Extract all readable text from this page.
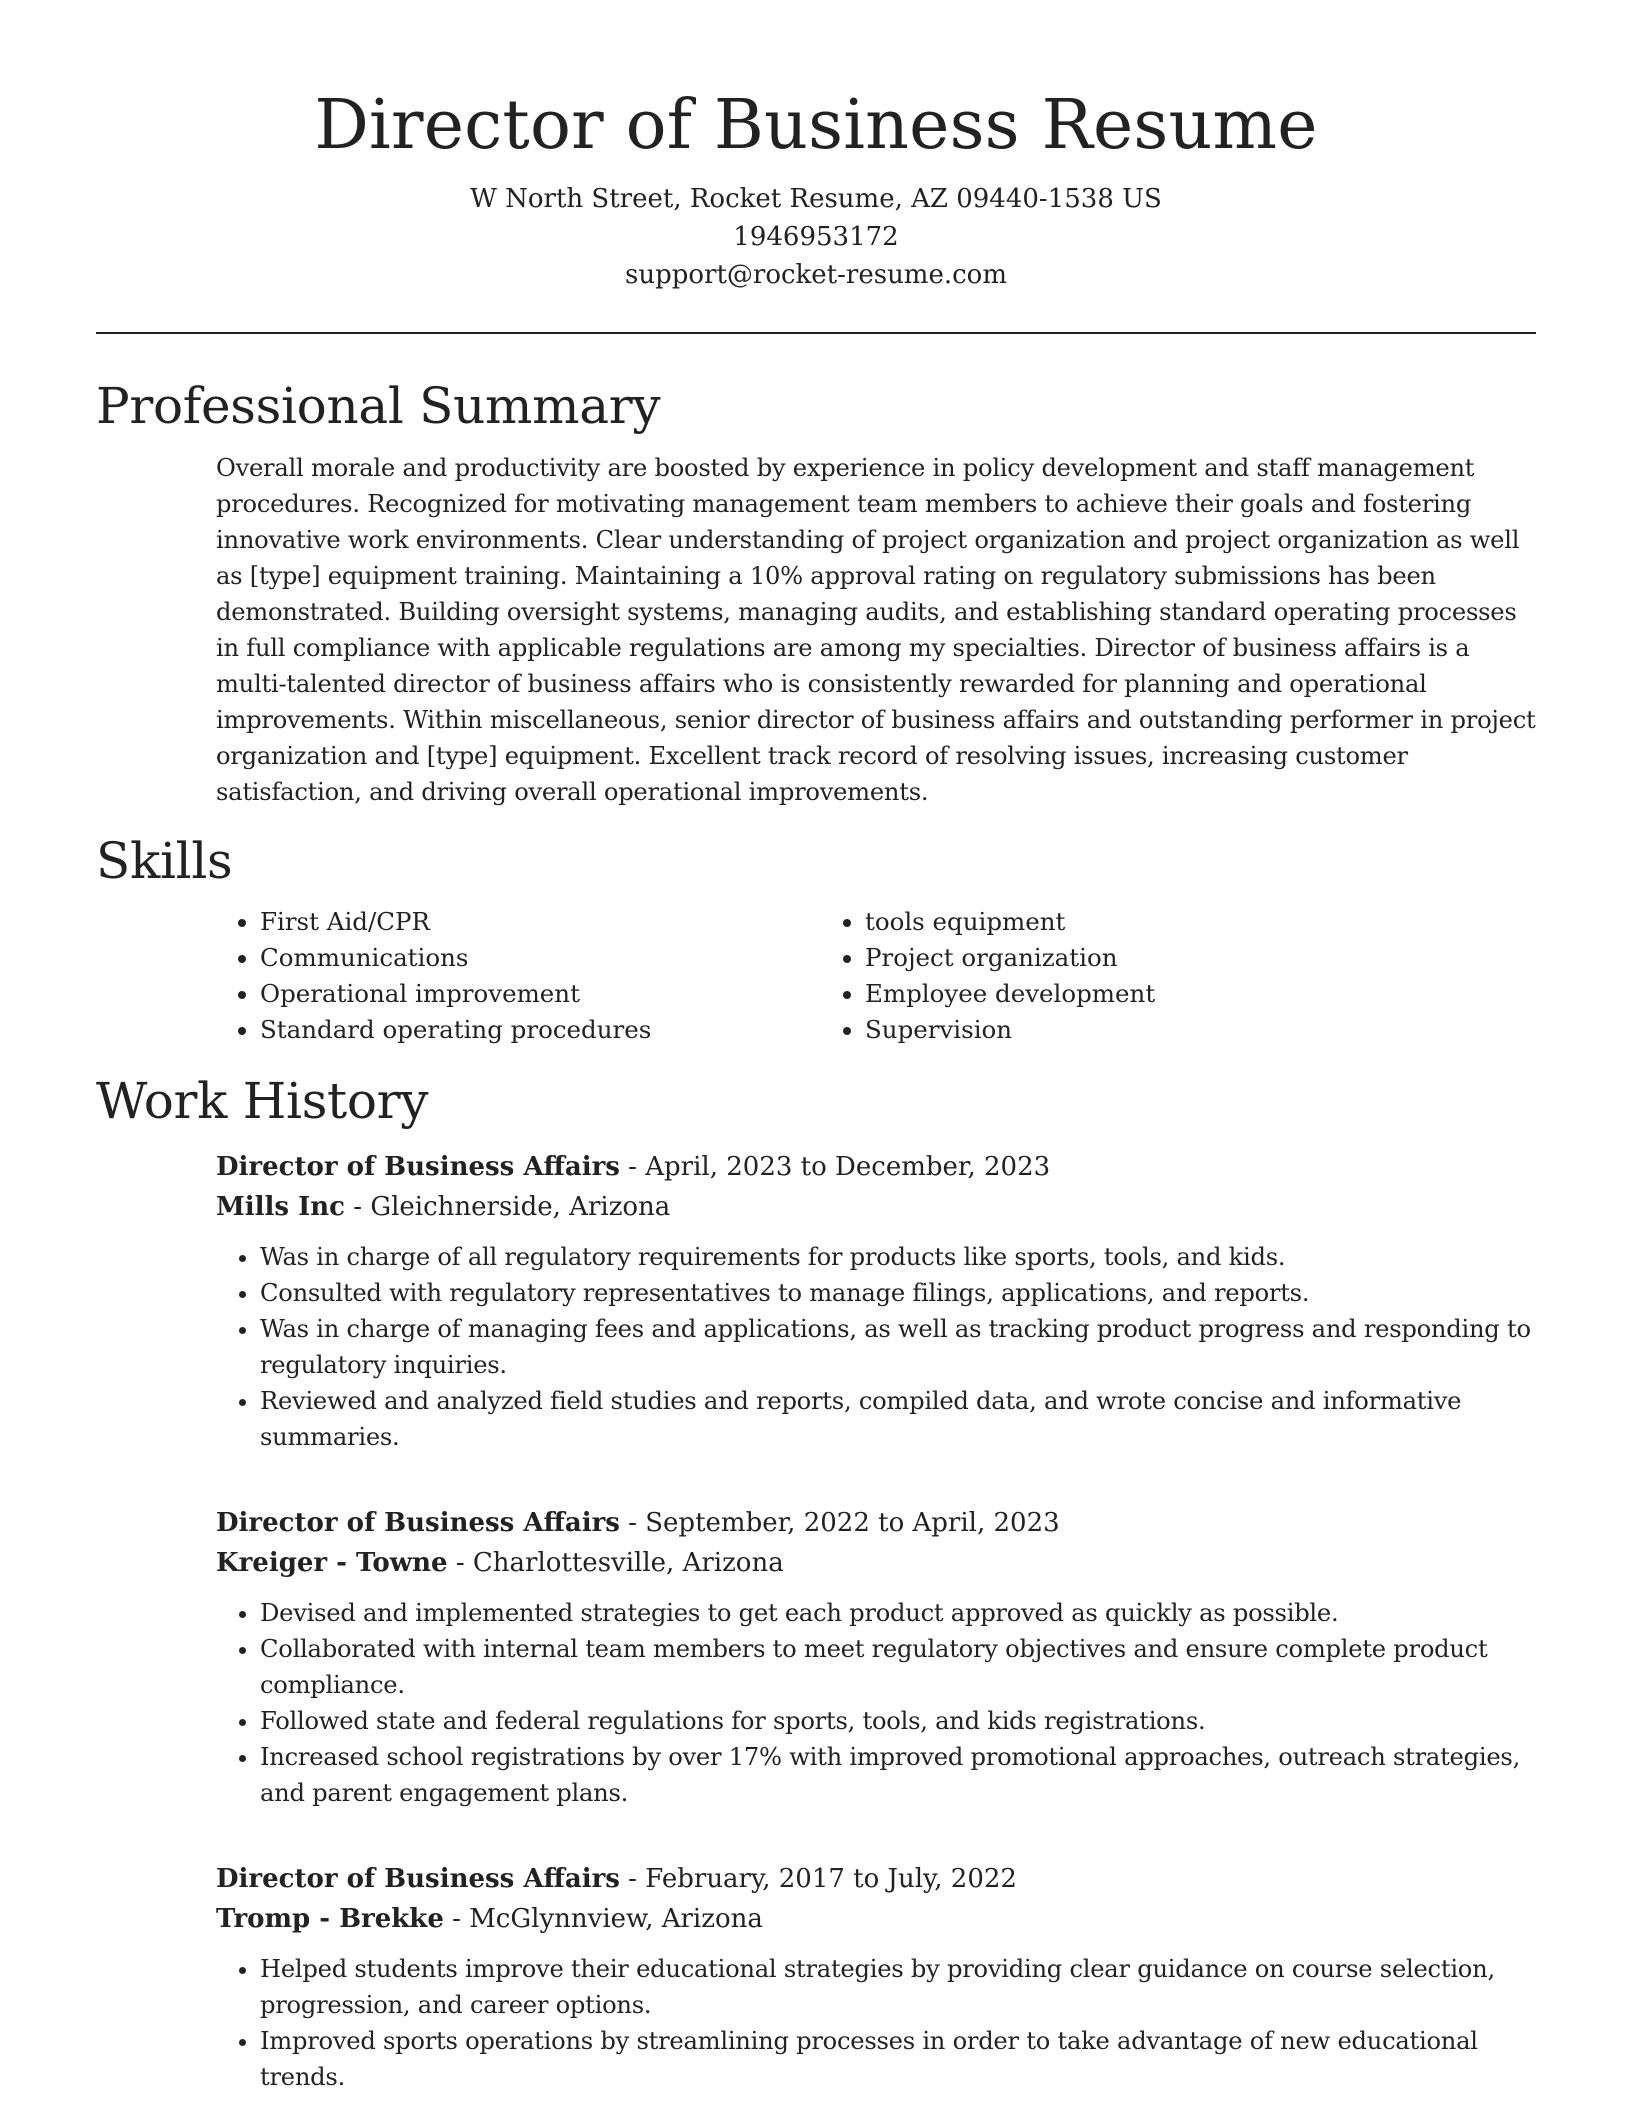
Director of Business Resume
W North Street, Rocket Resume, AZ 09440-1538 US
1946953172
support@rocket-resume.com
Professional Summary
Overall morale and productivity are boosted by experience in policy development and staff management procedures. Recognized for motivating management team members to achieve their goals and fostering innovative work environments. Clear understanding of project organization and project organization as well as [type] equipment training. Maintaining a 10% approval rating on regulatory submissions has been demonstrated. Building oversight systems, managing audits, and establishing standard operating processes in full compliance with applicable regulations are among my specialties. Director of business affairs is a multi-talented director of business affairs who is consistently rewarded for planning and operational improvements. Within miscellaneous, senior director of business affairs and outstanding performer in project organization and [type] equipment. Excellent track record of resolving issues, increasing customer satisfaction, and driving overall operational improvements.
Skills
• First Aid/CPR
• Communications
• Operational improvement
• Standard operating procedures
• tools equipment
• Project organization
• Employee development
• Supervision
Work History
Director of Business Affairs - April, 2023 to December, 2023
Mills Inc - Gleichnerside, Arizona
• Was in charge of all regulatory requirements for products like sports, tools, and kids.
• Consulted with regulatory representatives to manage filings, applications, and reports.
• Was in charge of managing fees and applications, as well as tracking product progress and responding to regulatory inquiries.
• Reviewed and analyzed field studies and reports, compiled data, and wrote concise and informative summaries.
Director of Business Affairs - September, 2022 to April, 2023
Kreiger - Towne - Charlottesville, Arizona
• Devised and implemented strategies to get each product approved as quickly as possible.
• Collaborated with internal team members to meet regulatory objectives and ensure complete product compliance.
• Followed state and federal regulations for sports, tools, and kids registrations.
• Increased school registrations by over 17% with improved promotional approaches, outreach strategies, and parent engagement plans.
Director of Business Affairs - February, 2017 to July, 2022
Tromp - Brekke - McGlynnview, Arizona
• Helped students improve their educational strategies by providing clear guidance on course selection, progression, and career options.
• Improved sports operations by streamlining processes in order to take advantage of new educational trends.
